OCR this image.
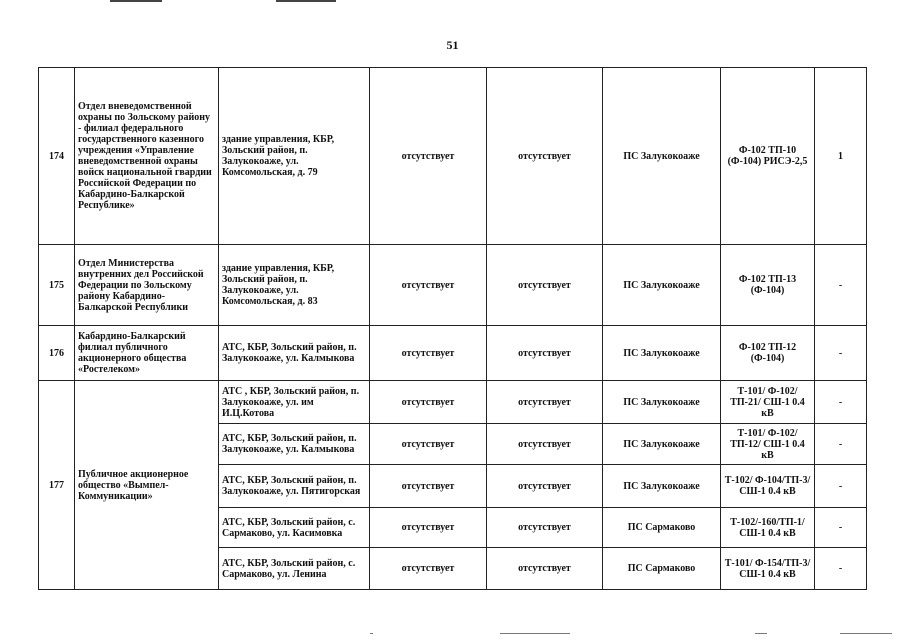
51
174	Отдел вневедомственной охраны по Зольскому району - филиал федерального государственного казенного учреждения «Управление вневедомственной охраны войск национальной гвардии Российской Федерации по Кабардино-Балкарской Республике»	здание управления, КБР, Зольский район, п. Залукокоаже, ул. Комсомольская, д. 79	отсутствует	отсутствует	ПС Залукокоаже	Ф-102 ТП-10 (Ф-104) РИСЭ-2,5	1
175	Отдел Министерства внутренних дел Российской Федерации по Зольскому району Кабардино-Балкарской Республики	здание управления, КБР, Зольский район, п. Залукокоаже, ул. Комсомольская, д. 83	отсутствует	отсутствует	ПС Залукокоаже	Ф-102 ТП-13 (Ф-104)	-
176	Кабардино-Балкарский филиал публичного акционерного общества «Ростелеком»	АТС, КБР, Зольский район, п. Залукокоаже, ул. Калмыкова	отсутствует	отсутствует	ПС Залукокоаже	Ф-102 ТП-12 (Ф-104)	-
177	Публичное акционерное общество «Вымпел-Коммуникации»	АТС , КБР, Зольский район, п. Залукокоаже, ул. им И.Ц.Котова	отсутствует	отсутствует	ПС Залукокоаже	Т-101/ Ф-102/ТП-21/ СШ-1 0.4 кВ	-
		АТС, КБР, Зольский район, п. Залукокоаже, ул. Калмыкова	отсутствует	отсутствует	ПС Залукокоаже	Т-101/ Ф-102/ТП-12/ СШ-1 0.4 кВ	-
		АТС, КБР, Зольский район, п. Залукокоаже, ул. Пятигорская	отсутствует	отсутствует	ПС Залукокоаже	Т-102/ Ф-104/ТП-3/ СШ-1 0.4 кВ	-
		АТС, КБР, Зольский район, с. Сармаково, ул. Касимовка	отсутствует	отсутствует	ПС Сармаково	Т-102/-160/ТП-1/СШ-1 0.4 кВ	-
		АТС, КБР, Зольский район, с. Сармаково, ул. Ленина	отсутствует	отсутствует	ПС Сармаково	Т-101/ Ф-154/ТП-3/ СШ-1 0.4 кВ	-
